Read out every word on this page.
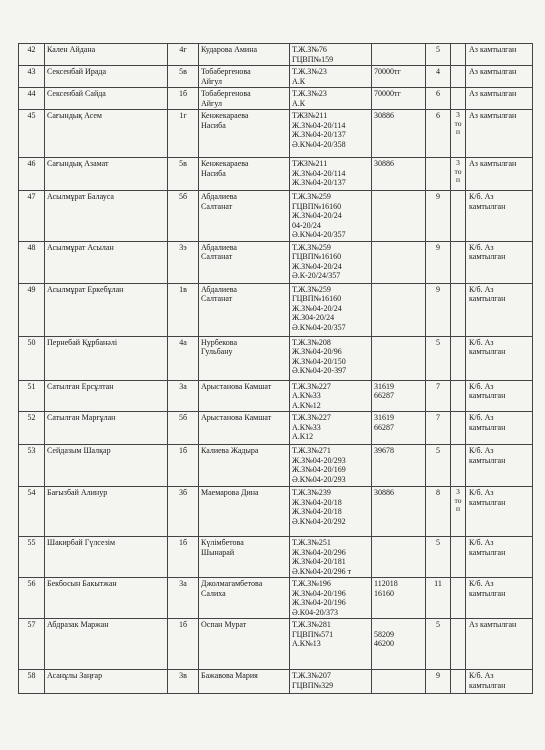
42	Кален Айдана	4г	Кударова Амина	Т.Ж.З№76
ГЦВП№159		5		Аз камтылган

43	Сексенбай Ирада	5в	Тобабергенова
Айгул	Т.Ж.З№23
А.К	70000тг	4		Аз камтылган

44	Сексенбай Сайда	1б	Тобабергенова
Айгул	Т.Ж.З№23
А.К	70000тг	6		Аз камтылган

45	Сағындық Асем	1г	Кенжекараева
Насиба	ТЖЗ№211
Ж.З№04-20/114
Ж.З№04-20/137
Ә.К№04-20/358	30886	6	3
то
п	Аз камтылган

46	Сағындық Азамат	5в	Кенжекараева
Насиба	ТЖЗ№211
Ж.З№04-20/114
Ж.З№04-20/137	30886		3
то
п	Аз камтылган

47	Асылмұрат Балауса	5б	Абдалиева
Салтанат	Т.Ж.З№259
ГЦВП№16160
Ж.З№04-20/24
04-20/24
Ә.К№04-20/357		9		К/б. Аз
камтылган

48	Асылмұрат Асылан	3э	Абдалиева
Салтанат	Т.Ж.З№259
ГЦВП№16160
Ж.З№04-20/24
Ә.К-20/24/357		9		К/б. Аз
камтылган

49	Асылмұрат Еркебұлан	1в	Абдалиева
Салтанат	Т.Ж.З№259
ГЦВП№16160
Ж.З№04-20/24
Ж.З04-20/24
Ә.К№04-20/357		9		К/б. Аз
камтылган

50	Пернебай Құрбанәлі	4а	Нурбекова
Гульбану	Т.Ж.З№208
Ж.З№04-20/96
Ж.З№04-20/150
Ә.К№04-20-397		5		К/б. Аз
камтылган

51	Сатылған Ерсұлтан	3а	Арыстанова Камшат	Т.Ж.З№227
А.К№33
А.К№12	31619
66287	7		К/б. Аз
камтылган

52	Сатылған Марғұлан	5б	Арыстанова Камшат	Т.Ж.З№227
А.К№33
А.К12	31619
66287	7		К/б. Аз
камтылган

53	Сейдазым Шалқар	1б	Калиева Жадыра	Т.Ж.З№271
Ж.З№04-20/293
Ж.З№04-20/169
Ә.К№04-20/293	39678	5		К/б. Аз
камтылган

54	Бағызбай Алинур	3б	Маемарова Дина	Т.Ж.З№239
Ж.З№04-20/18
Ж.З№04-20/18
Ә.К№04-20/292	30886	8	3
то
п	К/б. Аз
камтылган

55	Шакирбай Гүлсезім	1б	Күлімбетова
Шынарай	Т.Ж.З№251
Ж.З№04-20/296
Ж.З№04-20/181
Ә.К№04-20/296 т		5		К/б. Аз
камтылган

56	Бекбосын Бакытжан	3а	Джолмагамбетова
Салиха	Т.Ж.З№196
Ж.З№04-20/196
Ж.З№04-20/196
Ә.К04-20/373	112018
16160	11		К/б. Аз
камтылган

57	Абдразак Маржан	1б	Оспан Мурат	Т.Ж.З№281
ГЦВП№571
А.К№13	58209
46200	5		Аз камтылган

58	Асанұлы Заңғар	3в	Бажавова Мария	Т.Ж.З№207
ГЦВП№329		9		К/б. Аз
камтылган
